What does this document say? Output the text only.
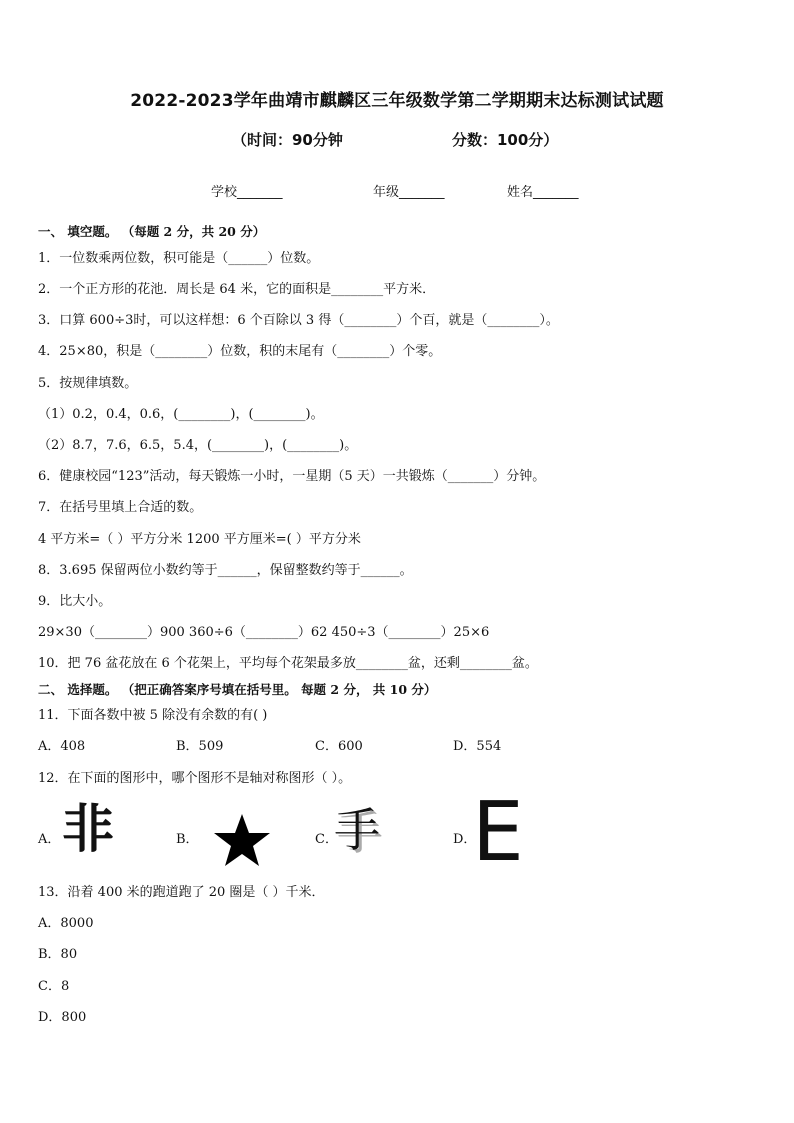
2022-2023学年曲靖市麒麟区三年级数学第二学期期末达标测试试题
（时间：90分钟	分数：100分）
学校_______	年级_______	姓名_______
一、 填空题。 （每题 2 分，共 20 分）
1．一位数乘两位数，积可能是（______）位数。
2．一个正方形的花池．周长是 64 米，它的面积是________平方米．
3．口算 600÷3时，可以这样想：6 个百除以 3 得（________）个百，就是（________）。
4．25×80，积是（________）位数，积的末尾有（________）个零。
5．按规律填数。
（1）0.2，0.4，0.6，(________)，(________)。
（2）8.7，7.6，6.5，5.4，(________)，(________)。
6．健康校园“123”活动，每天锻炼一小时，一星期（5 天）一共锻炼（_______）分钟。
7．在括号里填上合适的数。
4 平方米=（ ）平方分米 1200 平方厘米=( ）平方分米
8．3.695 保留两位小数约等于______，保留整数约等于______。
9．比大小。
29×30（________）900 360÷6（________）62 450÷3（________）25×6
10．把 76 盆花放在 6 个花架上，平均每个花架最多放________盆，还剩________盆。
二、 选择题。 （把正确答案序号填在括号里。 每题 2 分， 共 10 分）
11．下面各数中被 5 除没有余数的有( )
A．408	B．509	C．600	D．554
12．在下面的图形中，哪个图形不是轴对称图形（ ）。
A． 非	B．	C．
手	D．
E
13．沿着 400 米的跑道跑了 20 圈是（ ）千米．
A．8000
B．80
C．8
D．800
